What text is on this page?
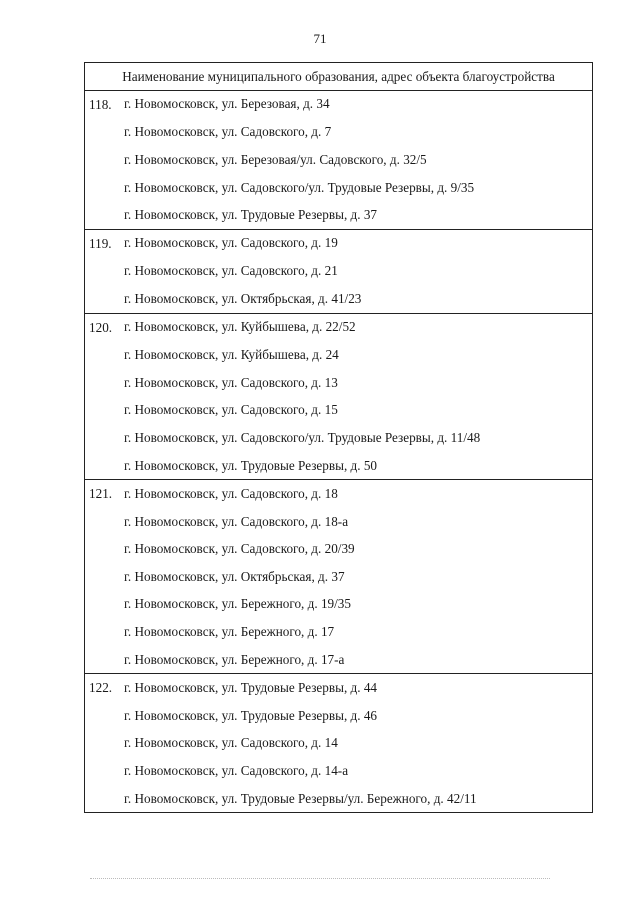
71
Наименование муниципального образования, адрес объекта благоустройства

118. г. Новомосковск, ул. Березовая, д. 34

г. Новомосковск, ул. Садовского, д. 7

г. Новомосковск, ул. Березовая/ул. Садовского, д. 32/5

г. Новомосковск, ул. Садовского/ул. Трудовые Резервы, д. 9/35

г. Новомосковск, ул. Трудовые Резервы, д. 37

119. г. Новомосковск, ул. Садовского, д. 19

г. Новомосковск, ул. Садовского, д. 21

г. Новомосковск, ул. Октябрьская, д. 41/23

120. г. Новомосковск, ул. Куйбышева, д. 22/52

г. Новомосковск, ул. Куйбышева, д. 24

г. Новомосковск, ул. Садовского, д. 13

г. Новомосковск, ул. Садовского, д. 15

г. Новомосковск, ул. Садовского/ул. Трудовые Резервы, д. 11/48

г. Новомосковск, ул. Трудовые Резервы, д. 50

121. г. Новомосковск, ул. Садовского, д. 18

г. Новомосковск, ул. Садовского, д. 18-а

г. Новомосковск, ул. Садовского, д. 20/39

г. Новомосковск, ул. Октябрьская, д. 37

г. Новомосковск, ул. Бережного, д. 19/35

г. Новомосковск, ул. Бережного, д. 17

г. Новомосковск, ул. Бережного, д. 17-а

122. г. Новомосковск, ул. Трудовые Резервы, д. 44

г. Новомосковск, ул. Трудовые Резервы, д. 46

г. Новомосковск, ул. Садовского, д. 14

г. Новомосковск, ул. Садовского, д. 14-а

г. Новомосковск, ул. Трудовые Резервы/ул. Бережного, д. 42/11
